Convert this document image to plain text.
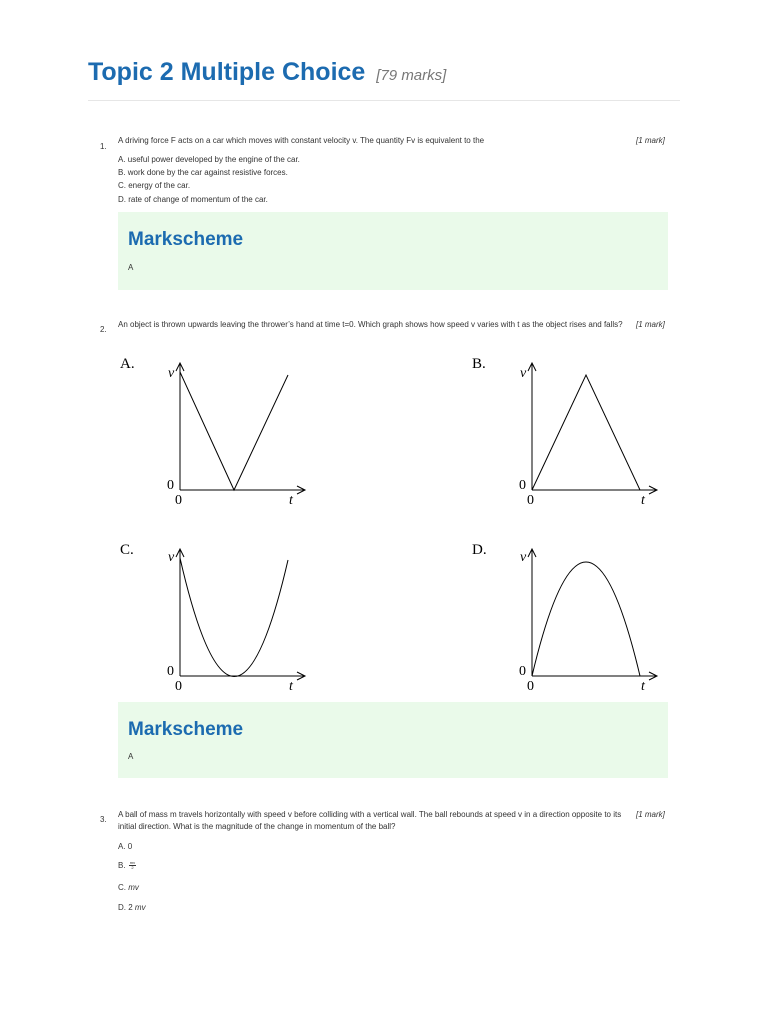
Topic 2 Multiple Choice [79 marks]
1.
A driving force F acts on a car which moves with constant velocity v. The quantity Fv is equivalent to the	[1 mark]
A. useful power developed by the engine of the car.
B. work done by the car against resistive forces.
C. energy of the car.
D. rate of change of momentum of the car.
Markscheme
A
2.
An object is thrown upwards leaving the thrower’s hand at time t=0. Which graph shows how speed v varies with t as the object rises and falls? [1 mark]
A.
v
t
0
0
B.
v
t
0
0
C. v
t
0
0
D. v
t
0
0
Markscheme
A
3.
A ball of mass m travels horizontally with speed v before colliding with a vertical wall. The ball rebounds at speed v in a direction opposite to its initial direction. What is the magnitude of the change in momentum of the ball?
[1 mark]
A. 0
B. $\frac{mv}{2}$
C. mv
D. 2 mv
